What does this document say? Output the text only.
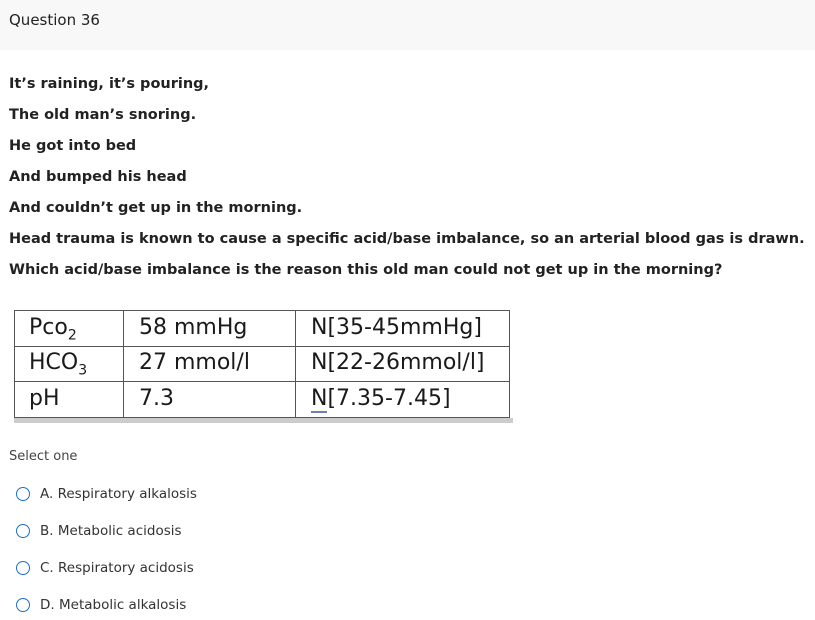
Question 36
It’s raining, it’s pouring,
The old man’s snoring.
He got into bed
And bumped his head
And couldn’t get up in the morning.
Head trauma is known to cause a specific acid/base imbalance, so an arterial blood gas is drawn.
Which acid/base imbalance is the reason this old man could not get up in the morning?
Pco$_2$	58 mmHg	N[35-45mmHg]
$HCO_3$ 27 mmol/l	N[22-26mmol/l]
pH	7.3	N[7.35-7.45]
Select one
A. Respiratory alkalosis
B. Metabolic acidosis
C. Respiratory acidosis
D. Metabolic alkalosis
